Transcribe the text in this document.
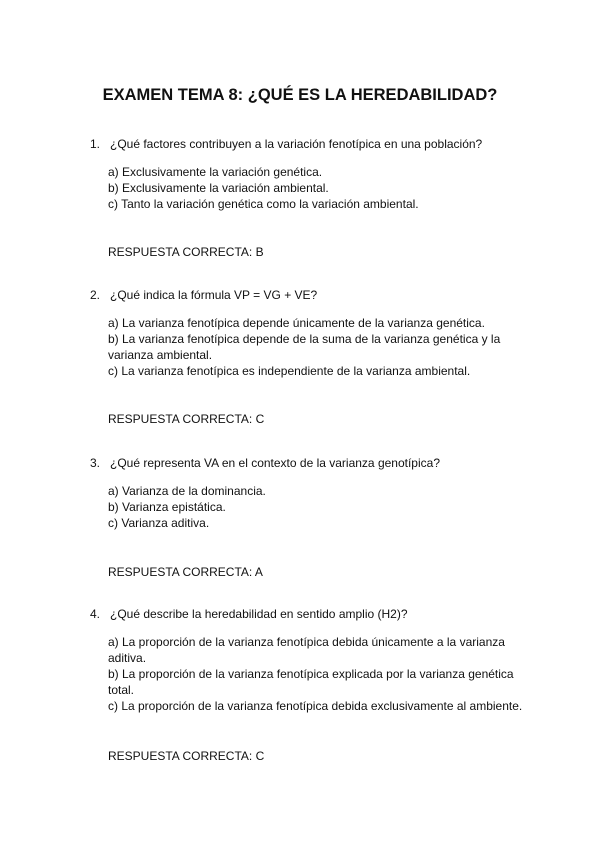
EXAMEN TEMA 8: ¿QUÉ ES LA HEREDABILIDAD?
1. ¿Qué factores contribuyen a la variación fenotípica en una población?
a) Exclusivamente la variación genética.
b) Exclusivamente la variación ambiental.
c) Tanto la variación genética como la variación ambiental.
RESPUESTA CORRECTA: B
2. ¿Qué indica la fórmula VP = VG + VE?
a) La varianza fenotípica depende únicamente de la varianza genética.
b) La varianza fenotípica depende de la suma de la varianza genética y la varianza ambiental.
c) La varianza fenotípica es independiente de la varianza ambiental.
RESPUESTA CORRECTA: C
3. ¿Qué representa VA en el contexto de la varianza genotípica?
a) Varianza de la dominancia.
b) Varianza epistática.
c) Varianza aditiva.
RESPUESTA CORRECTA: A
4. ¿Qué describe la heredabilidad en sentido amplio (H2)?
a) La proporción de la varianza fenotípica debida únicamente a la varianza aditiva.
b) La proporción de la varianza fenotípica explicada por la varianza genética total.
c) La proporción de la varianza fenotípica debida exclusivamente al ambiente.
RESPUESTA CORRECTA: C
